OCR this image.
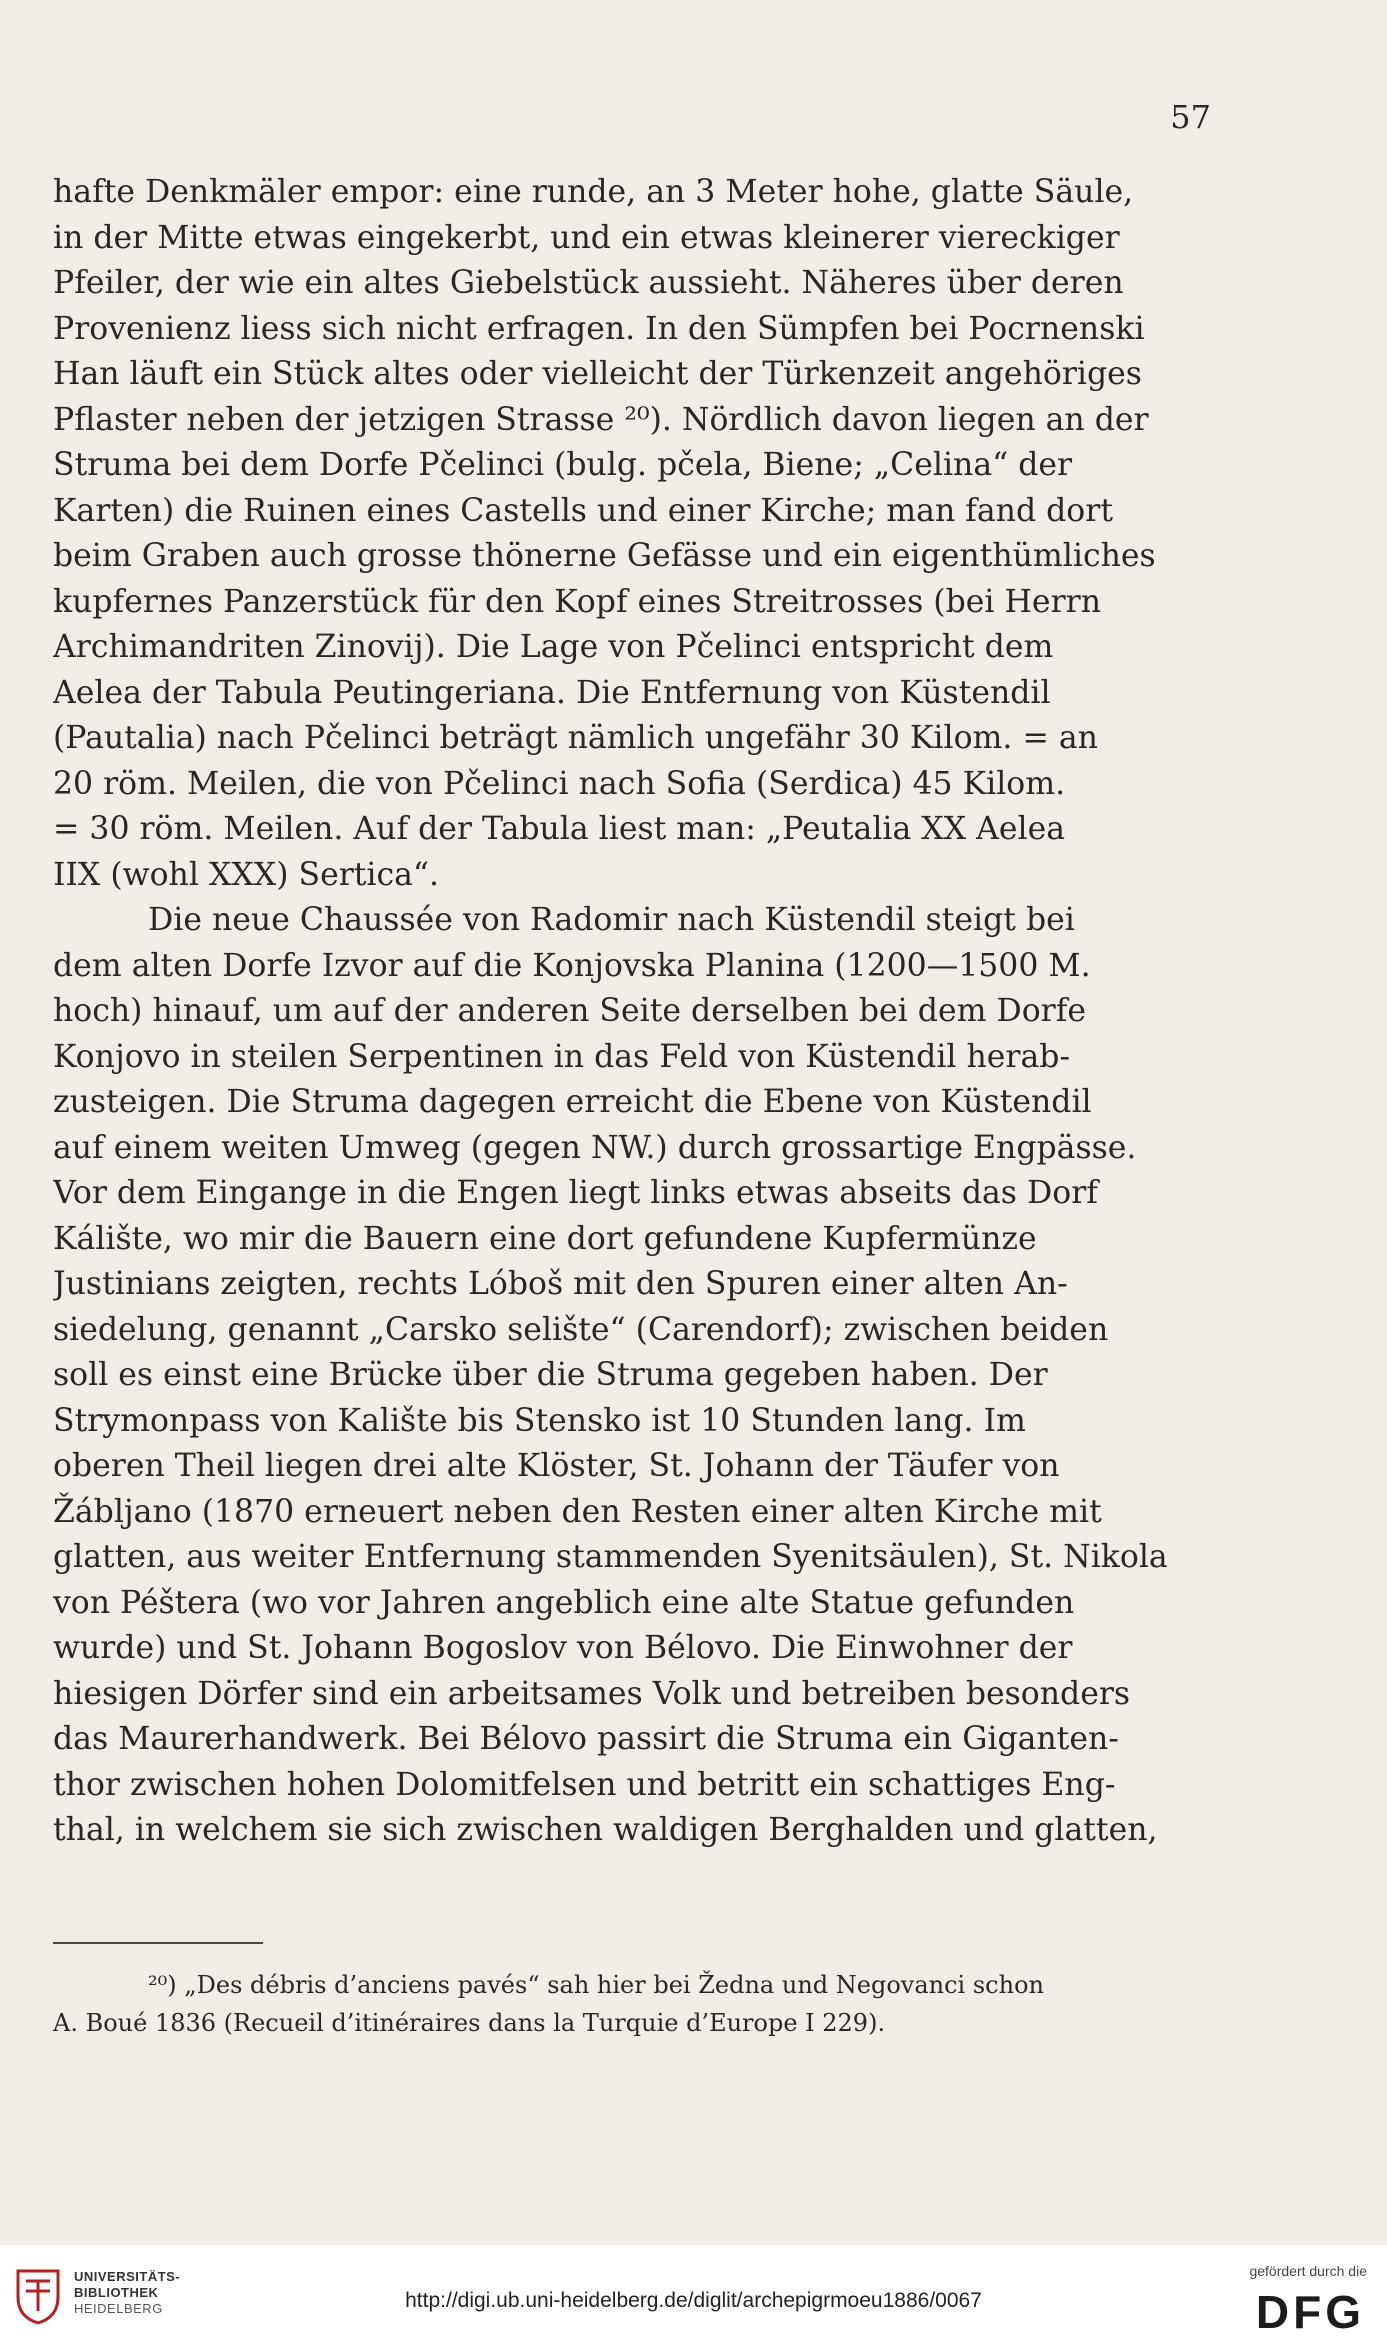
57
hafte Denkmäler empor: eine runde, an 3 Meter hohe, glatte Säule,
in der Mitte etwas eingekerbt, und ein etwas kleinerer viereckiger
Pfeiler, der wie ein altes Giebelstück aussieht. Näheres über deren
Provenienz liess sich nicht erfragen. In den Sümpfen bei Pocrnenski
Han läuft ein Stück altes oder vielleicht der Türkenzeit angehöriges
Pflaster neben der jetzigen Strasse ²⁰). Nördlich davon liegen an der
Struma bei dem Dorfe Pčelinci (bulg. pčela, Biene; „Celina“ der
Karten) die Ruinen eines Castells und einer Kirche; man fand dort
beim Graben auch grosse thönerne Gefässe und ein eigenthümliches
kupfernes Panzerstück für den Kopf eines Streitrosses (bei Herrn
Archimandriten Zinovij). Die Lage von Pčelinci entspricht dem
Aelea der Tabula Peutingeriana. Die Entfernung von Küstendil
(Pautalia) nach Pčelinci beträgt nämlich ungefähr 30 Kilom. = an
20 röm. Meilen, die von Pčelinci nach Sofia (Serdica) 45 Kilom.
= 30 röm. Meilen. Auf der Tabula liest man: „Peutalia XX Aelea
IIX (wohl XXX) Sertica“.
Die neue Chaussée von Radomir nach Küstendil steigt bei
dem alten Dorfe Izvor auf die Konjovska Planina (1200—1500 M.
hoch) hinauf, um auf der anderen Seite derselben bei dem Dorfe
Konjovo in steilen Serpentinen in das Feld von Küstendil herab-
zusteigen. Die Struma dagegen erreicht die Ebene von Küstendil
auf einem weiten Umweg (gegen NW.) durch grossartige Engpässe.
Vor dem Eingange in die Engen liegt links etwas abseits das Dorf
Kálište, wo mir die Bauern eine dort gefundene Kupfermünze
Justinians zeigten, rechts Lóboš mit den Spuren einer alten An-
siedelung, genannt „Carsko selište“ (Carendorf); zwischen beiden
soll es einst eine Brücke über die Struma gegeben haben. Der
Strymonpass von Kalište bis Stensko ist 10 Stunden lang. Im
oberen Theil liegen drei alte Klöster, St. Johann der Täufer von
Žábljano (1870 erneuert neben den Resten einer alten Kirche mit
glatten, aus weiter Entfernung stammenden Syenitsäulen), St. Nikola
von Péštera (wo vor Jahren angeblich eine alte Statue gefunden
wurde) und St. Johann Bogoslov von Bélovo. Die Einwohner der
hiesigen Dörfer sind ein arbeitsames Volk und betreiben besonders
das Maurerhandwerk. Bei Bélovo passirt die Struma ein Giganten-
thor zwischen hohen Dolomitfelsen und betritt ein schattiges Eng-
thal, in welchem sie sich zwischen waldigen Berghalden und glatten,
²⁰) „Des débris d’anciens pavés“ sah hier bei Žedna und Negovanci schon
A. Boué 1836 (Recueil d’itinéraires dans la Turquie d’Europe I 229).
UNIVERSITÄTS-
BIBLIOTHEK
HEIDELBERG	http://digi.ub.uni-heidelberg.de/diglit/archepigrmoeu1886/0067
gefördert durch die
DFG
